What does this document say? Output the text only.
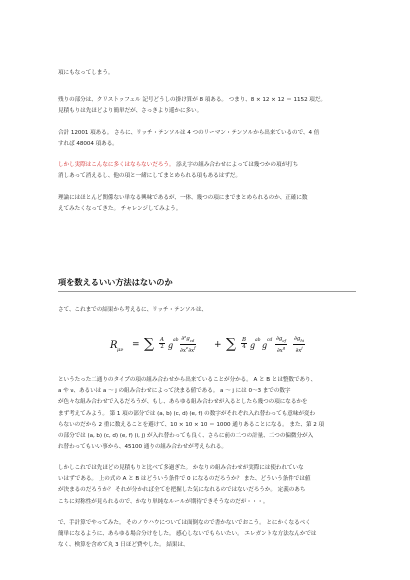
項にもなってしまう。
残りの部分は、クリストッフェル 記号どうしの掛け算が 8 項ある。 つまり、8 × 12 × 12 ＝ 1152 項だ。
見積もりは先ほどより簡単だが、さっきより遥かに多い。
合計 12001 項ある。 さらに、リッチ・テンソルは 4 つのリーマン・テンソルから出来ているので、4 倍
すれば 48004 項ある。
しかし実際はこんなに多くはならないだろう。 添え字の組み合わせによっては幾つかの項が打ち
消しあって消えるし、他の項と一緒にしてまとめられる項もあるはずだ。
理論にはほとんど関係ない単なる興味であるが、一体、幾つの項にまでまとめられるのか、正確に数
えてみたくなってきた。 チャレンジしてみよう。
項を数えるいい方法はないのか
さて、これまでの結果から考えるに、リッチ・テンソルは、
R μν = ∑ $\frac{A}{2}$ g
ab $\partial^2g_{cd}$
$\partial x^e\partial x^f$ + ∑ $\frac{B}{4}$ g
ab
g
cd $\partial g_{ef}$
$\partial x^g$
$\partial g_{hi}$
$\partial x^j$
というたった二通りのタイプの項の組み合わせから出来ていることが分かる。 A と B とは整数であり、
a や ν、あるいは a 〜 j の組み合わせによって決まる値である。 a 〜 j には 0〜3 までの数字
が色々な組み合わせで入るだろうが、もし、あらゆる組み合わせが入るとしたら幾つの項になるかを
まず考えてみよう。 第 1 項の部分では (a, b) (c, d) (e, f) の数字がそれぞれ入れ替わっても意味が変わ
らないのだから 2 重に数えることを避けて、10 × 10 × 10 ＝ 1000 通りあることになる。 また、第 2 項
の部分では (a, b) (c, d) (e, f) (i, j) が入れ替わっても良く、さらに前の二つの計量、二つの偏微分が入
れ替わってもいい事から、45100 通りの組み合わせが考えられる。
しかしこれでは先ほどの見積もりと比べて多過ぎた。 かなりの組み合わせが実際には使われていな
いはずである。 上の式の A と B はどういう条件で 0 になるのだろうか？ また、どういう条件では値
が決まるのだろうか？ それが分かれば全てを把握した気になれるのではないだろうか。 定義のあち
こちに対称性が見られるので、かなり単純なルールが期待できそうなのだが・・・。
で、手計算でやってみた。 そのノウハウについては面倒なので書かないでおこう。 とにかくなるべく
簡単になるように、あらゆる場合分けをした。 感心しないでもらいたい。 エレガントな方法なんかでは
なく、検算を含めて丸 3 日ほど費やした。 結果は、
